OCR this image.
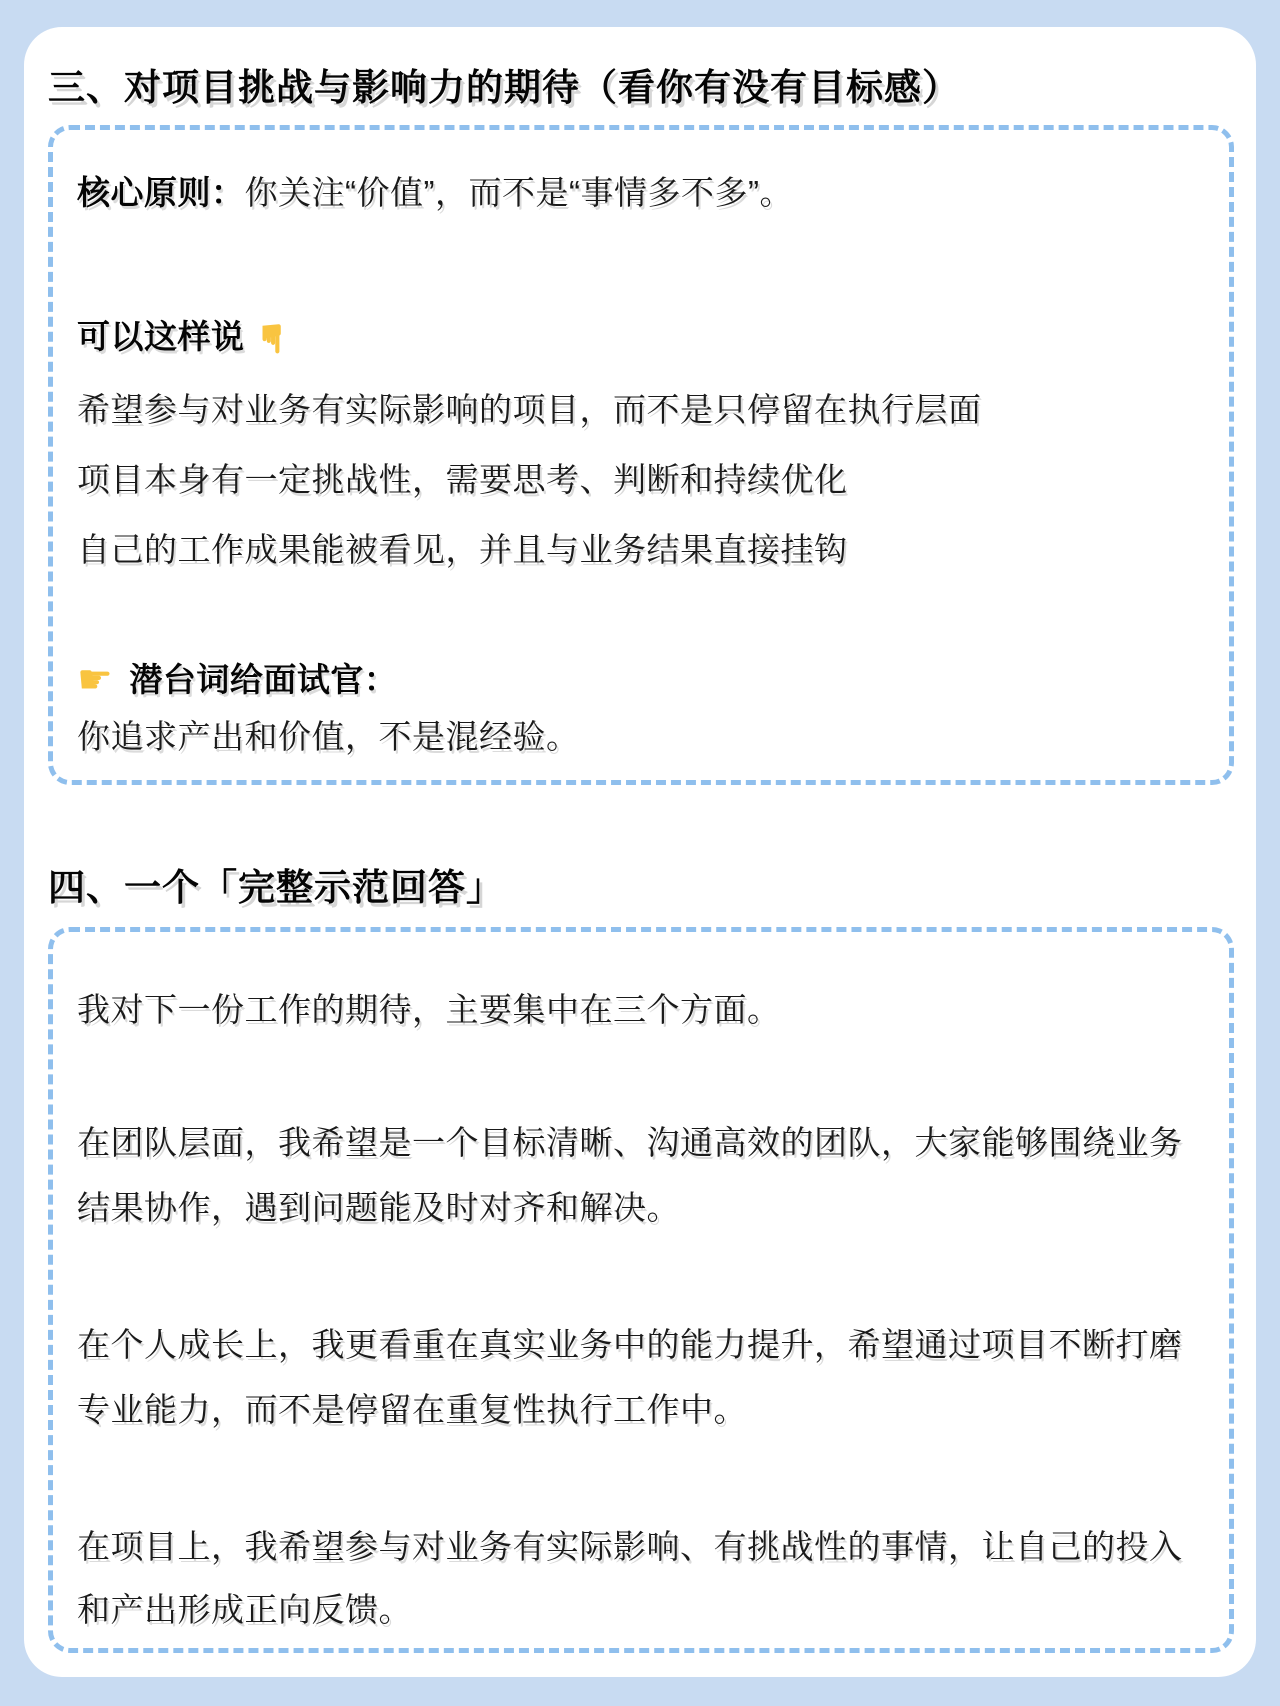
三、对项目挑战与影响力的期待（看你有没有目标感）
核心原则：你关注“价值”，而不是“事情多不多”。
可以这样说 ☛
希望参与对业务有实际影响的项目，而不是只停留在执行层面
项目本身有一定挑战性，需要思考、判断和持续优化
自己的工作成果能被看见，并且与业务结果直接挂钩
☛ 潜台词给面试官：
你追求产出和价值，不是混经验。
四、一个「完整示范回答」
我对下一份工作的期待，主要集中在三个方面。
在团队层面，我希望是一个目标清晰、沟通高效的团队，大家能够围绕业务
结果协作，遇到问题能及时对齐和解决。
在个人成长上，我更看重在真实业务中的能力提升，希望通过项目不断打磨
专业能力，而不是停留在重复性执行工作中。
在项目上，我希望参与对业务有实际影响、有挑战性的事情，让自己的投入
和产出形成正向反馈。
